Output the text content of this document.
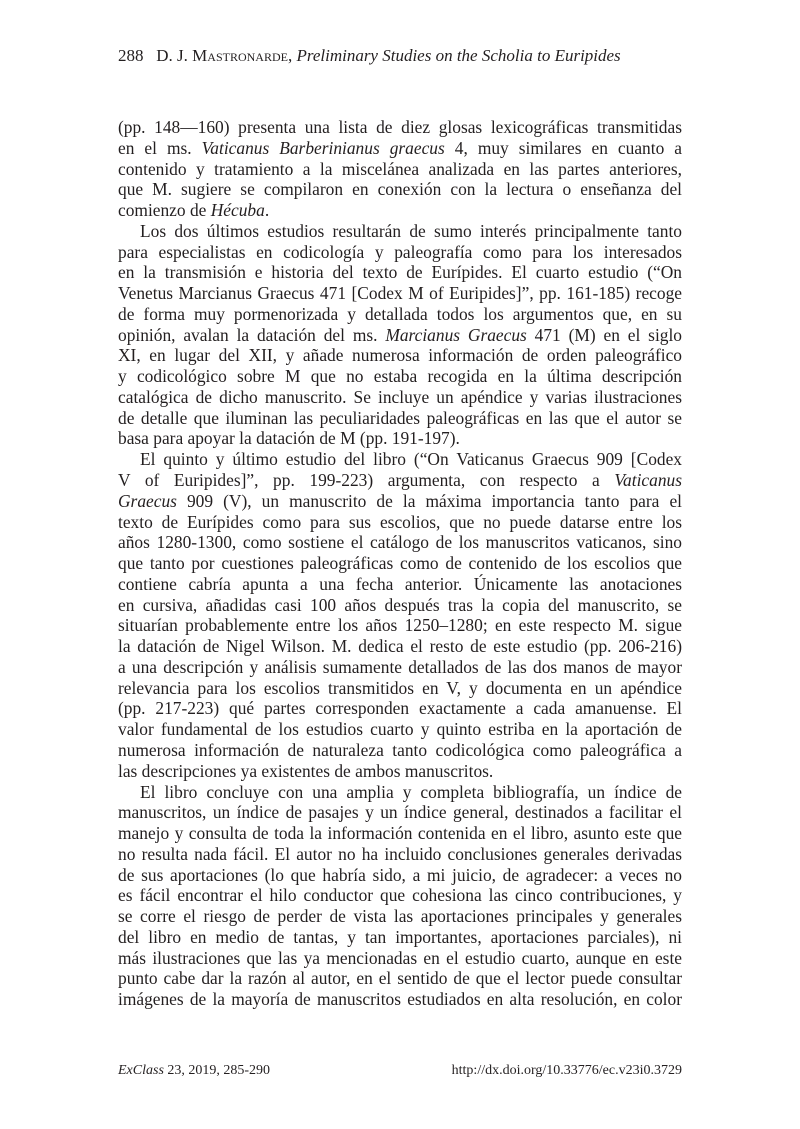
288 D. J. Mastronarde, Preliminary Studies on the Scholia to Euripides
(pp. 148—160) presenta una lista de diez glosas lexicográficas transmitidas
en el ms. Vaticanus Barberinianus graecus 4, muy similares en cuanto a
contenido y tratamiento a la miscelánea analizada en las partes anteriores,
que M. sugiere se compilaron en conexión con la lectura o enseñanza del
comienzo de Hécuba.
Los dos últimos estudios resultarán de sumo interés principalmente tanto
para especialistas en codicología y paleografía como para los interesados
en la transmisión e historia del texto de Eurípides. El cuarto estudio (“On
Venetus Marcianus Graecus 471 [Codex M of Euripides]”, pp. 161-185) recoge
de forma muy pormenorizada y detallada todos los argumentos que, en su
opinión, avalan la datación del ms. Marcianus Graecus 471 (M) en el siglo
XI, en lugar del XII, y añade numerosa información de orden paleográfico
y codicológico sobre M que no estaba recogida en la última descripción
catalógica de dicho manuscrito. Se incluye un apéndice y varias ilustraciones
de detalle que iluminan las peculiaridades paleográficas en las que el autor se
basa para apoyar la datación de M (pp. 191-197).
El quinto y último estudio del libro (“On Vaticanus Graecus 909 [Codex
V of Euripides]”, pp. 199-223) argumenta, con respecto a Vaticanus
Graecus 909 (V), un manuscrito de la máxima importancia tanto para el
texto de Eurípides como para sus escolios, que no puede datarse entre los
años 1280-1300, como sostiene el catálogo de los manuscritos vaticanos, sino
que tanto por cuestiones paleográficas como de contenido de los escolios que
contiene cabría apunta a una fecha anterior. Únicamente las anotaciones
en cursiva, añadidas casi 100 años después tras la copia del manuscrito, se
situarían probablemente entre los años 1250–1280; en este respecto M. sigue
la datación de Nigel Wilson. M. dedica el resto de este estudio (pp. 206-216)
a una descripción y análisis sumamente detallados de las dos manos de mayor
relevancia para los escolios transmitidos en V, y documenta en un apéndice
(pp. 217-223) qué partes corresponden exactamente a cada amanuense. El
valor fundamental de los estudios cuarto y quinto estriba en la aportación de
numerosa información de naturaleza tanto codicológica como paleográfica a
las descripciones ya existentes de ambos manuscritos.
El libro concluye con una amplia y completa bibliografía, un índice de
manuscritos, un índice de pasajes y un índice general, destinados a facilitar el
manejo y consulta de toda la información contenida en el libro, asunto este que
no resulta nada fácil. El autor no ha incluido conclusiones generales derivadas
de sus aportaciones (lo que habría sido, a mi juicio, de agradecer: a veces no
es fácil encontrar el hilo conductor que cohesiona las cinco contribuciones, y
se corre el riesgo de perder de vista las aportaciones principales y generales
del libro en medio de tantas, y tan importantes, aportaciones parciales), ni
más ilustraciones que las ya mencionadas en el estudio cuarto, aunque en este
punto cabe dar la razón al autor, en el sentido de que el lector puede consultar
imágenes de la mayoría de manuscritos estudiados en alta resolución, en color
ExClass 23, 2019, 285-290	http://dx.doi.org/10.33776/ec.v23i0.3729
